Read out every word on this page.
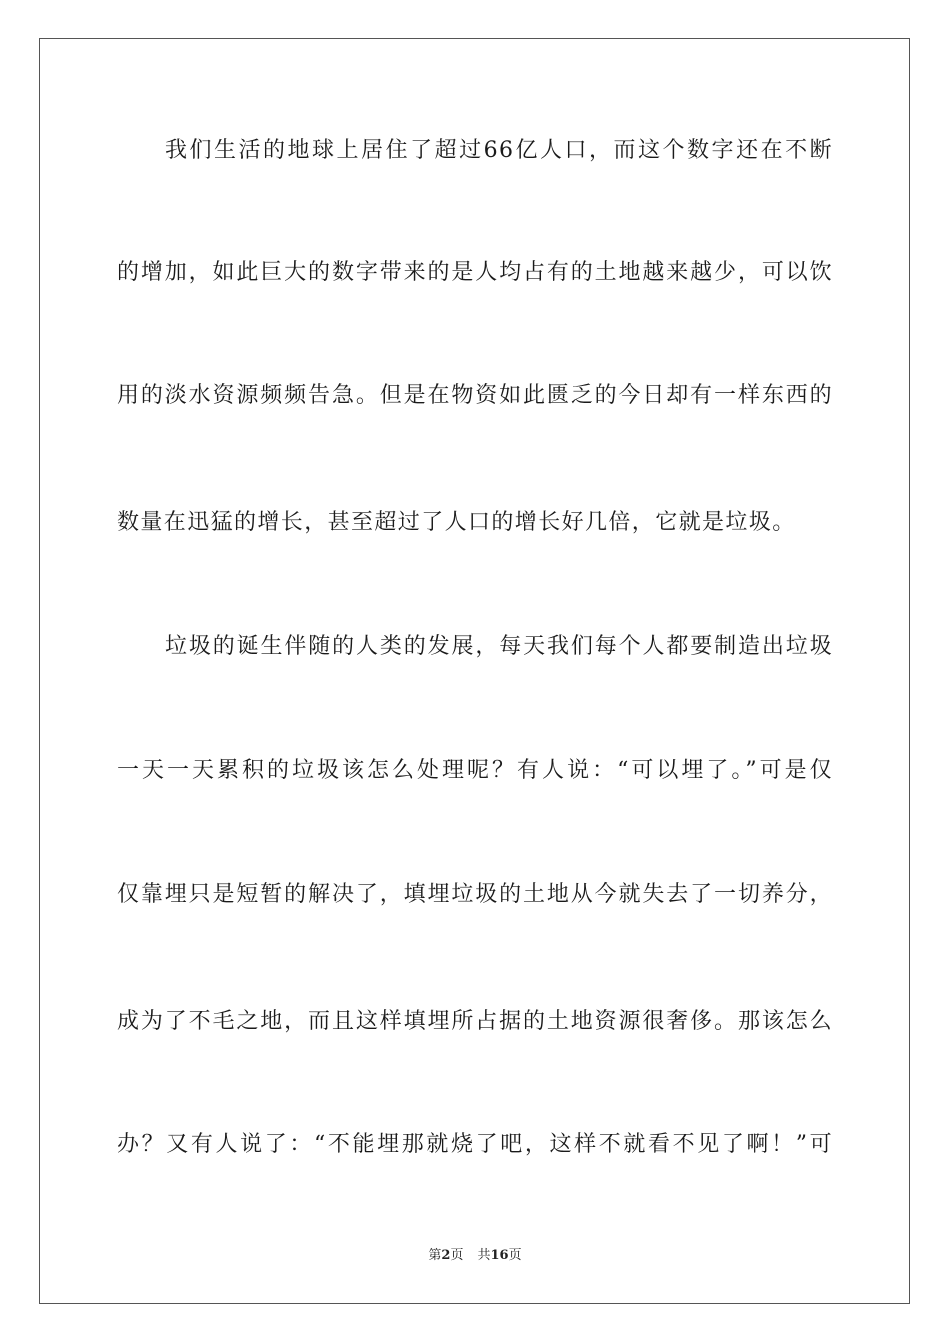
我们生活的地球上居住了超过66亿人口，而这个数字还在不断
的增加，如此巨大的数字带来的是人均占有的土地越来越少，可以饮
用的淡水资源频频告急。但是在物资如此匮乏的今日却有一样东西的
数量在迅猛的增长，甚至超过了人口的增长好几倍，它就是垃圾。
垃圾的诞生伴随的人类的发展，每天我们每个人都要制造出垃圾
一天一天累积的垃圾该怎么处理呢？有人说：“可以埋了。”可是仅
仅靠埋只是短暂的解决了，填埋垃圾的土地从今就失去了一切养分，
成为了不毛之地，而且这样填埋所占据的土地资源很奢侈。那该怎么
办？又有人说了：“不能埋那就烧了吧，这样不就看不见了啊！”可
第2页 共16页
